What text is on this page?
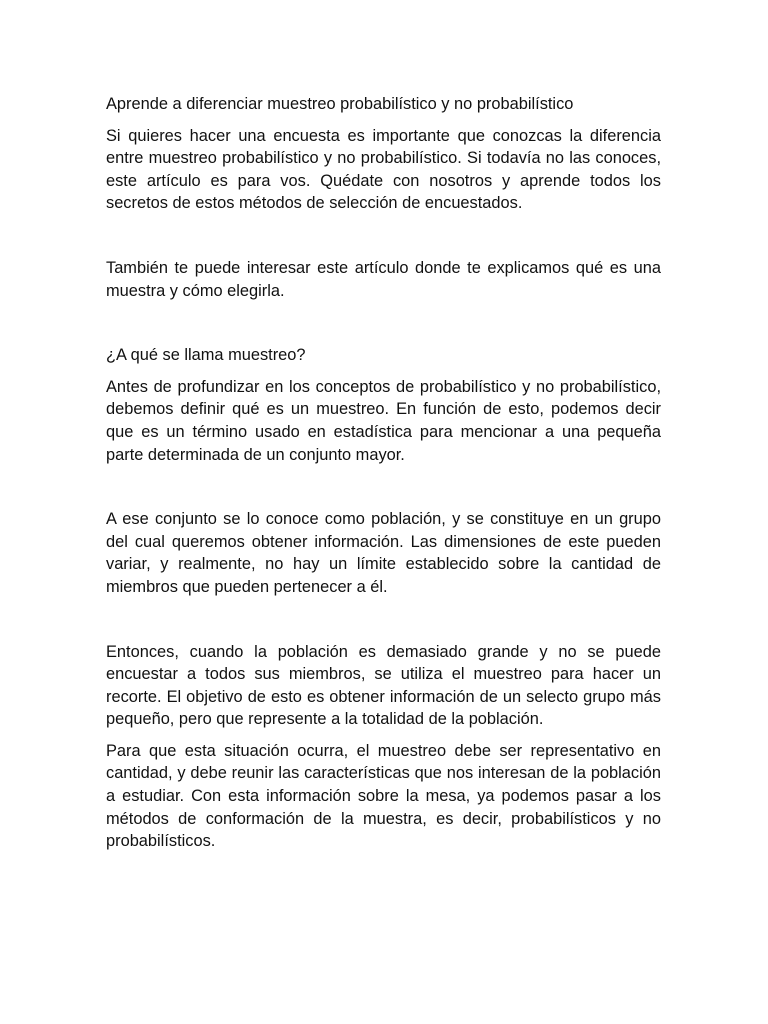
Aprende a diferenciar muestreo probabilístico y no probabilístico

Si quieres hacer una encuesta es importante que conozcas la diferencia entre muestreo probabilístico y no probabilístico. Si todavía no las conoces, este artículo es para vos. Quédate con nosotros y aprende todos los secretos de estos métodos de selección de encuestados.

También te puede interesar este artículo donde te explicamos qué es una muestra y cómo elegirla.

¿A qué se llama muestreo?

Antes de profundizar en los conceptos de probabilístico y no probabilístico, debemos definir qué es un muestreo. En función de esto, podemos decir que es un término usado en estadística para mencionar a una pequeña parte determinada de un conjunto mayor.

A ese conjunto se lo conoce como población, y se constituye en un grupo del cual queremos obtener información. Las dimensiones de este pueden variar, y realmente, no hay un límite establecido sobre la cantidad de miembros que pueden pertenecer a él.

Entonces, cuando la población es demasiado grande y no se puede encuestar a todos sus miembros, se utiliza el muestreo para hacer un recorte. El objetivo de esto es obtener información de un selecto grupo más pequeño, pero que represente a la totalidad de la población.

Para que esta situación ocurra, el muestreo debe ser representativo en cantidad, y debe reunir las características que nos interesan de la población a estudiar. Con esta información sobre la mesa, ya podemos pasar a los métodos de conformación de la muestra, es decir, probabilísticos y no probabilísticos.
